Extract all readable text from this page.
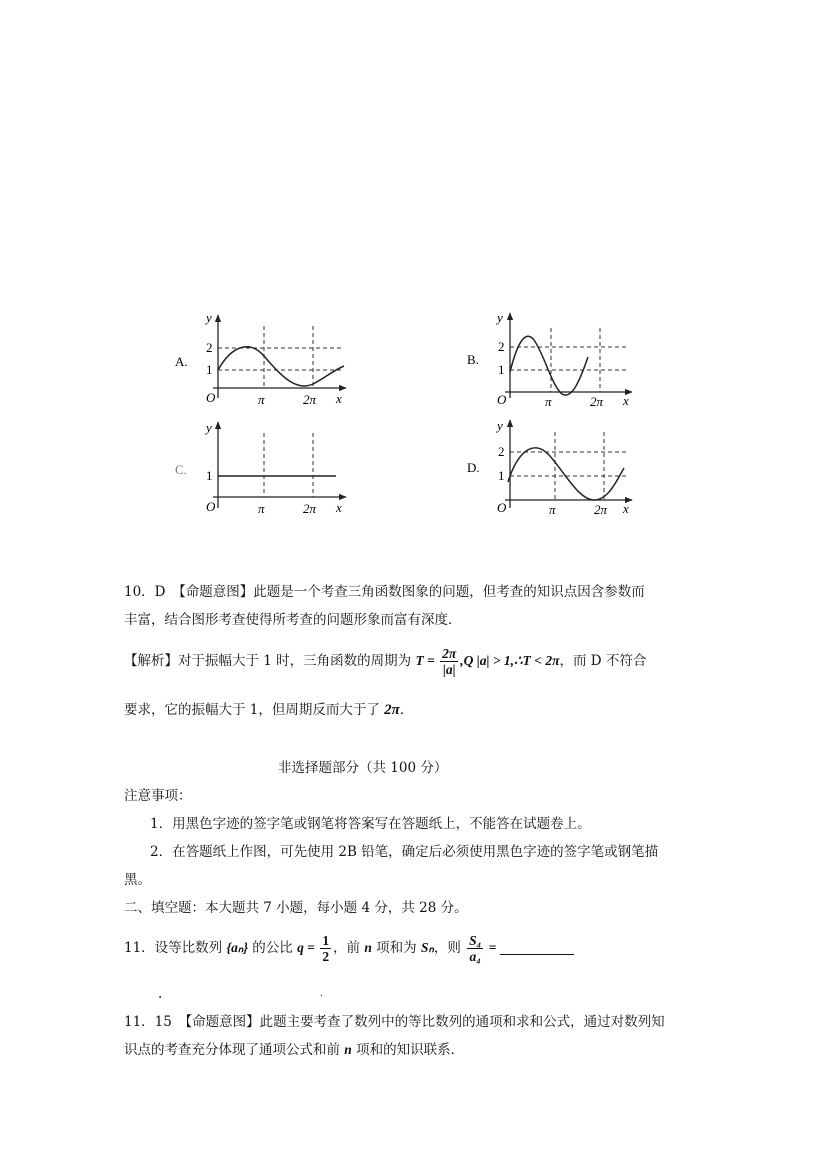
y
x
O
2
1
π	2π
A.
y
x
O
2
1
π	2π
B.
y
x
O
1
π	2π
C.
y
x
O
2
1
π	2π
D.
10．D　【命题意图】此题是一个考查三角函数图象的问题，但考查的知识点因含参数而
丰富，结合图形考查使得所考查的问题形象而富有深度．
【解析】对于振幅大于 1 时，三角函数的周期为 $T = \frac{2\pi}{|a|} ,Q$ |a| > 1,∴T < 2π，而 D 不符合
要求，它的振幅大于 1，但周期反而大于了 2π．
非选择题部分（共 100 分）
注意事项：
1．用黑色字迹的签字笔或钢笔将答案写在答题纸上，不能答在试题卷上。
2．在答题纸上作图，可先使用 2B 铅笔，确定后必须使用黑色字迹的签字笔或钢笔描
黑。
二、填空题：本大题共 7 小题，每小题 4 分，共 28 分。
11．设等比数列 {aₙ} 的公比 $q = \frac{1}{2}$ ，前 n 项和为 Sₙ，则 $\frac{\text{S₄}}{\text{a₄}}$ =
.	.
11．15　【命题意图】此题主要考查了数列中的等比数列的通项和求和公式，通过对数列知
识点的考查充分体现了通项公式和前 n 项和的知识联系．
